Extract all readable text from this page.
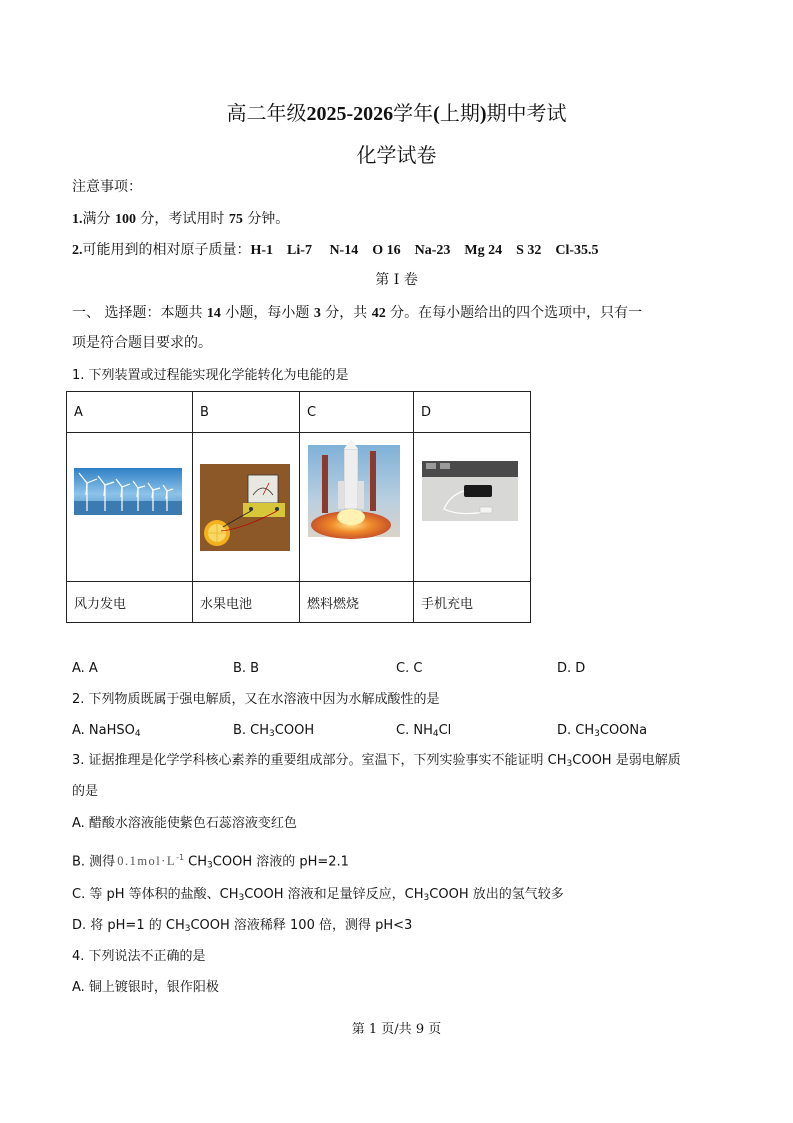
高二年级2025-2026学年(上期)期中考试
化学试卷
注意事项：
1.满分 100 分，考试用时 75 分钟。
2.可能用到的相对原子质量：H-1    Li-7     N-14    O 16    Na-23    Mg 24    S 32    Cl-35.5
第 I 卷
一、 选择题：本题共 14 小题，每小题 3 分，共 42 分。在每小题给出的四个选项中，只有一
项是符合题目要求的。
1. 下列装置或过程能实现化学能转化为电能的是
A	B	C	D

风力发电	水果电池	燃料燃烧	手机充电
A. A	B. B	C. C	D. D
2. 下列物质既属于强电解质，又在水溶液中因为水解成酸性的是
A. NaHSO$_4$	B. $CH_3COOH$	C. $NH_4Cl$	D. $CH_3COONa$
3. 证据推理是化学学科核心素养的重要组成部分。室温下，下列实验事实不能证明 $CH_3COOH$ 是弱电解质
的是
A. 醋酸水溶液能使紫色石蕊溶液变红色
B. 测得 $0.1mol\cdot L^{-1}$ $CH_3COOH$ 溶液的 pH=2.1
C. 等 pH 等体积的盐酸、$CH_3COOH$ 溶液和足量锌反应，$CH_3COOH$ 放出的氢气较多
D. 将 pH=1 的 $CH_3COOH$ 溶液稀释 100 倍，测得 pH<3
4. 下列说法不正确的是
A. 铜上镀银时，银作阳极
第 1 页/共 9 页
